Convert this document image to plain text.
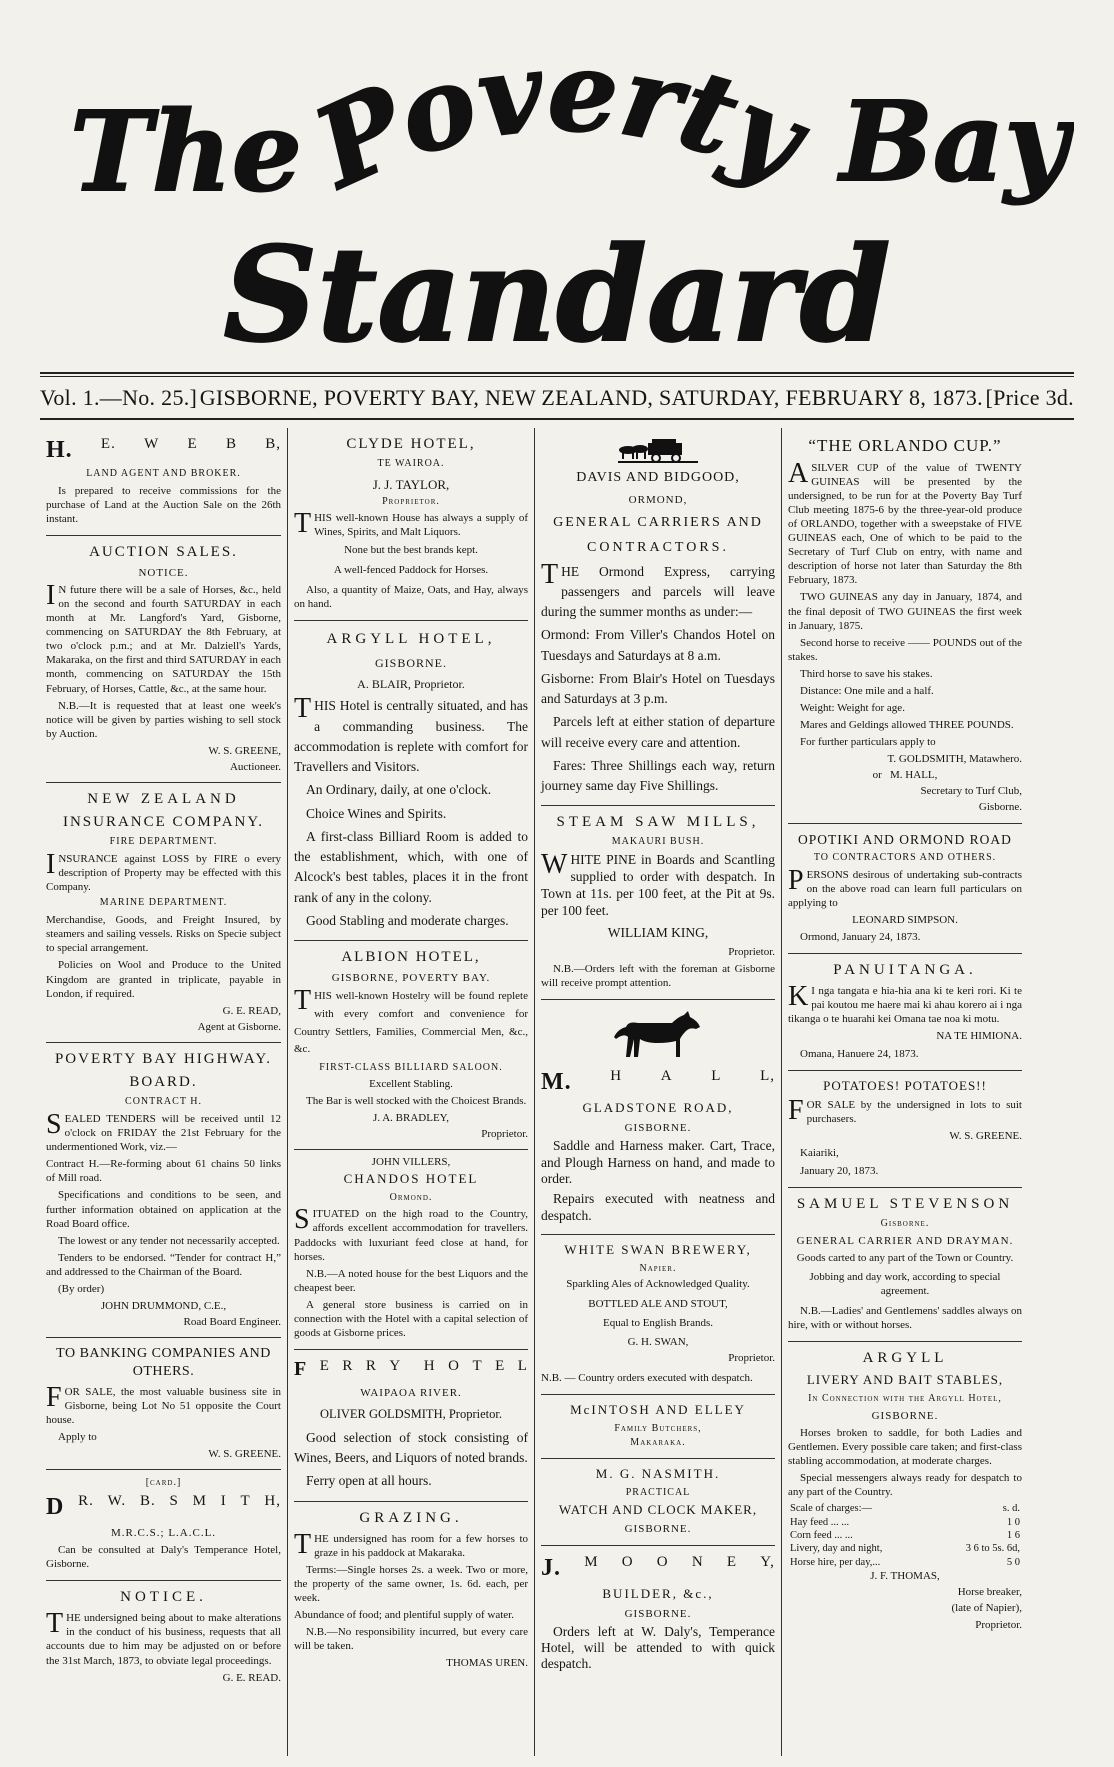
The
Poverty Bay
Standard
Vol. 1.—No. 25.] GISBORNE, POVERTY BAY, NEW ZEALAND, SATURDAY, FEBRUARY 8, 1873. [Price 3d.
H. E. W E B B,
LAND AGENT AND BROKER.
Is prepared to receive commissions for the purchase of Land at the Auction Sale on the 26th instant.
AUCTION SALES.
NOTICE.
IN future there will be a sale of Horses, &c., held on the second and fourth SATURDAY in each month at Mr. Langford's Yard, Gisborne, commencing on SATURDAY the 8th February, at two o'clock p.m.; and at Mr. Dalziell's Yards, Makaraka, on the first and third SATURDAY in each month, commencing on SATURDAY the 15th February, of Horses, Cattle, &c., at the same hour.
N.B.—It is requested that at least one week's notice will be given by parties wishing to sell stock by Auction.
W. S. GREENE,
Auctioneer.
NEW ZEALAND
INSURANCE COMPANY.
FIRE DEPARTMENT.
INSURANCE against LOSS by FIRE o every description of Property may be effected with this Company.
MARINE DEPARTMENT.
Merchandise, Goods, and Freight Insured, by steamers and sailing vessels. Risks on Specie subject to special arrangement.
Policies on Wool and Produce to the United Kingdom are granted in triplicate, payable in London, if required.
G. E. READ,
Agent at Gisborne.
POVERTY BAY HIGHWAY.
BOARD.
CONTRACT H.
SEALED TENDERS will be received until 12 o'clock on FRIDAY the 21st February for the undermentioned Work, viz.—
Contract H.—Re-forming about 61 chains 50 links of Mill road.
Specifications and conditions to be seen, and further information obtained on application at the Road Board office.
The lowest or any tender not necessarily accepted.
Tenders to be endorsed. “Tender for contract H,” and addressed to the Chairman of the Board.
(By order)
JOHN DRUMMOND, C.E.,
Road Board Engineer.
TO BANKING COMPANIES AND OTHERS.
FOR SALE, the most valuable business site in Gisborne, being Lot No 51 opposite the Court house.
Apply to
W. S. GREENE.
[card.]
D R. W. B. S M I T H,
M.R.C.S.; L.A.C.L.
Can be consulted at Daly's Temperance Hotel, Gisborne.
NOTICE.
THE undersigned being about to make alterations in the conduct of his business, requests that all accounts due to him may be adjusted on or before the 31st March, 1873, to obviate legal proceedings.
G. E. READ.
CLYDE HOTEL,
TE WAIROA.
J. J. TAYLOR,
Proprietor.
THIS well-known House has always a supply of Wines, Spirits, and Malt Liquors.
None but the best brands kept.
A well-fenced Paddock for Horses.
Also, a quantity of Maize, Oats, and Hay, always on hand.
ARGYLL HOTEL,
GISBORNE.
A. BLAIR, Proprietor.
THIS Hotel is centrally situated, and has a commanding business. The accommodation is replete with comfort for Travellers and Visitors.
An Ordinary, daily, at one o'clock.
Choice Wines and Spirits.
A first-class Billiard Room is added to the establishment, which, with one of Alcock's best tables, places it in the front rank of any in the colony.
Good Stabling and moderate charges.
ALBION HOTEL,
GISBORNE, POVERTY BAY.
THIS well-known Hostelry will be found replete with every comfort and convenience for Country Settlers, Families, Commercial Men, &c., &c.
FIRST-CLASS BILLIARD SALOON.
Excellent Stabling.
The Bar is well stocked with the Choicest Brands.
J. A. BRADLEY,
Proprietor.
JOHN VILLERS,
CHANDOS HOTEL
Ormond.
SITUATED on the high road to the Country, affords excellent accommodation for travellers. Paddocks with luxuriant feed close at hand, for horses.
N.B.—A noted house for the best Liquors and the cheapest beer.
A general store business is carried on in connection with the Hotel with a capital selection of goods at Gisborne prices.
F E R R Y H O T E L
WAIPAOA RIVER.
OLIVER GOLDSMITH, Proprietor.
Good selection of stock consisting of Wines, Beers, and Liquors of noted brands.
Ferry open at all hours.
GRAZING.
THE undersigned has room for a few horses to graze in his paddock at Makaraka.
Terms:—Single horses 2s. a week. Two or more, the property of the same owner, 1s. 6d. each, per week.
Abundance of food; and plentiful supply of water.
N.B.—No responsibility incurred, but every care will be taken.
THOMAS UREN.
DAVIS AND BIDGOOD,
ORMOND,
GENERAL CARRIERS AND
CONTRACTORS.
THE Ormond Express, carrying passengers and parcels will leave during the summer months as under:—
Ormond: From Viller's Chandos Hotel on Tuesdays and Saturdays at 8 a.m.
Gisborne: From Blair's Hotel on Tuesdays and Saturdays at 3 p.m.
Parcels left at either station of departure will receive every care and attention.
Fares: Three Shillings each way, return journey same day Five Shillings.
STEAM SAW MILLS,
MAKAURI BUSH.
WHITE PINE in Boards and Scantling supplied to order with despatch. In Town at 11s. per 100 feet, at the Pit at 9s. per 100 feet.
WILLIAM KING,
Proprietor.
N.B.—Orders left with the foreman at Gisborne will receive prompt attention.
M.	H	A	L	L,
GLADSTONE ROAD,
GISBORNE.
Saddle and Harness maker. Cart, Trace, and Plough Harness on hand, and made to order.
Repairs executed with neatness and despatch.
WHITE SWAN BREWERY,
Napier.
Sparkling Ales of Acknowledged Quality.
BOTTLED ALE AND STOUT,
Equal to English Brands.
G. H. SWAN,
Proprietor.
N.B. — Country orders executed with despatch.
McINTOSH AND ELLEY
Family Butchers,
Makaraka.
M. G. NASMITH.
PRACTICAL
WATCH AND CLOCK MAKER,
GISBORNE.
J. M O O N E Y,
BUILDER, &c.,
GISBORNE.
Orders left at W. Daly's, Temperance Hotel, will be attended to with quick despatch.
“THE ORLANDO CUP.”
ASILVER CUP of the value of TWENTY GUINEAS will be presented by the undersigned, to be run for at the Poverty Bay Turf Club meeting 1875-6 by the three-year-old produce of ORLANDO, together with a sweepstake of FIVE GUINEAS each, One of which to be paid to the Secretary of Turf Club on entry, with name and description of horse not later than Saturday the 8th February, 1873.
TWO GUINEAS any day in January, 1874, and the final deposit of TWO GUINEAS the first week in January, 1875.
Second horse to receive —— POUNDS out of the stakes.
Third horse to save his stakes.
Distance: One mile and a half.
Weight: Weight for age.
Mares and Geldings allowed THREE POUNDS.
For further particulars apply to
T. GOLDSMITH, Matawhero.
or M. HALL,
Secretary to Turf Club,
Gisborne.
OPOTIKI AND ORMOND ROAD
TO CONTRACTORS AND OTHERS.
PERSONS desirous of undertaking sub-contracts on the above road can learn full particulars on applying to
LEONARD SIMPSON.
Ormond, January 24, 1873.
PANUITANGA.
KI nga tangata e hia-hia ana ki te keri rori. Ki te pai koutou me haere mai ki ahau korero ai i nga tikanga o te huarahi kei Omana tae noa ki motu.
NA TE HIMIONA.
Omana, Hanuere 24, 1873.
POTATOES! POTATOES!!
FOR SALE by the undersigned in lots to suit purchasers.
W. S. GREENE.
Kaiariki,
January 20, 1873.
SAMUEL STEVENSON
Gisborne.
GENERAL CARRIER AND DRAYMAN.
Goods carted to any part of the Town or Country.
Jobbing and day work, according to special agreement.
N.B.—Ladies' and Gentlemens' saddles always on hire, with or without horses.
ARGYLL
LIVERY AND BAIT STABLES,
In Connection with the Argyll Hotel,
GISBORNE.
Horses broken to saddle, for both Ladies and Gentlemen. Every possible care taken; and first-class stabling accommodation, at moderate charges.
Special messengers always ready for despatch to any part of the Country.
Scale of charges:—	s. d.
Hay feed ... ...	1 0
Corn feed ... ...	1 6
Livery, day and night,	3 6 to 5s. 6d,
Horse hire, per day,...	5 0
J. F. THOMAS,
Horse breaker,
(late of Napier),
Proprietor.
